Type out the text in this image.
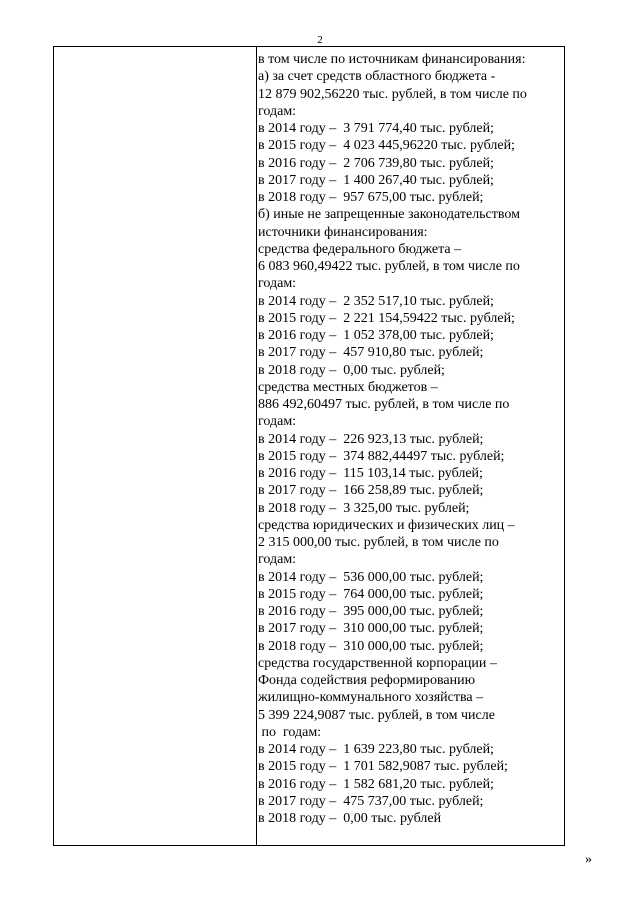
2
в том числе по источникам финансирования:
а) за счет средств областного бюджета -
12 879 902,56220 тыс. рублей, в том числе по
годам:
в 2014 году –  3 791 774,40 тыс. рублей;
в 2015 году –  4 023 445,96220 тыс. рублей;
в 2016 году –  2 706 739,80 тыс. рублей;
в 2017 году –  1 400 267,40 тыс. рублей;
в 2018 году –  957 675,00 тыс. рублей;
б) иные не запрещенные законодательством
источники финансирования:
средства федерального бюджета –
6 083 960,49422 тыс. рублей, в том числе по
годам:
в 2014 году –  2 352 517,10 тыс. рублей;
в 2015 году –  2 221 154,59422 тыс. рублей;
в 2016 году –  1 052 378,00 тыс. рублей;
в 2017 году –  457 910,80 тыс. рублей;
в 2018 году –  0,00 тыс. рублей;
средства местных бюджетов –
886 492,60497 тыс. рублей, в том числе по
годам:
в 2014 году –  226 923,13 тыс. рублей;
в 2015 году –  374 882,44497 тыс. рублей;
в 2016 году –  115 103,14 тыс. рублей;
в 2017 году –  166 258,89 тыс. рублей;
в 2018 году –  3 325,00 тыс. рублей;
средства юридических и физических лиц –
2 315 000,00 тыс. рублей, в том числе по
годам:
в 2014 году –  536 000,00 тыс. рублей;
в 2015 году –  764 000,00 тыс. рублей;
в 2016 году –  395 000,00 тыс. рублей;
в 2017 году –  310 000,00 тыс. рублей;
в 2018 году –  310 000,00 тыс. рублей;
средства государственной корпорации –
Фонда содействия реформированию
жилищно-коммунального хозяйства –
5 399 224,9087 тыс. рублей, в том числе
по  годам:
в 2014 году –  1 639 223,80 тыс. рублей;
в 2015 году –  1 701 582,9087 тыс. рублей;
в 2016 году –  1 582 681,20 тыс. рублей;
в 2017 году –  475 737,00 тыс. рублей;
в 2018 году –  0,00 тыс. рублей
»
